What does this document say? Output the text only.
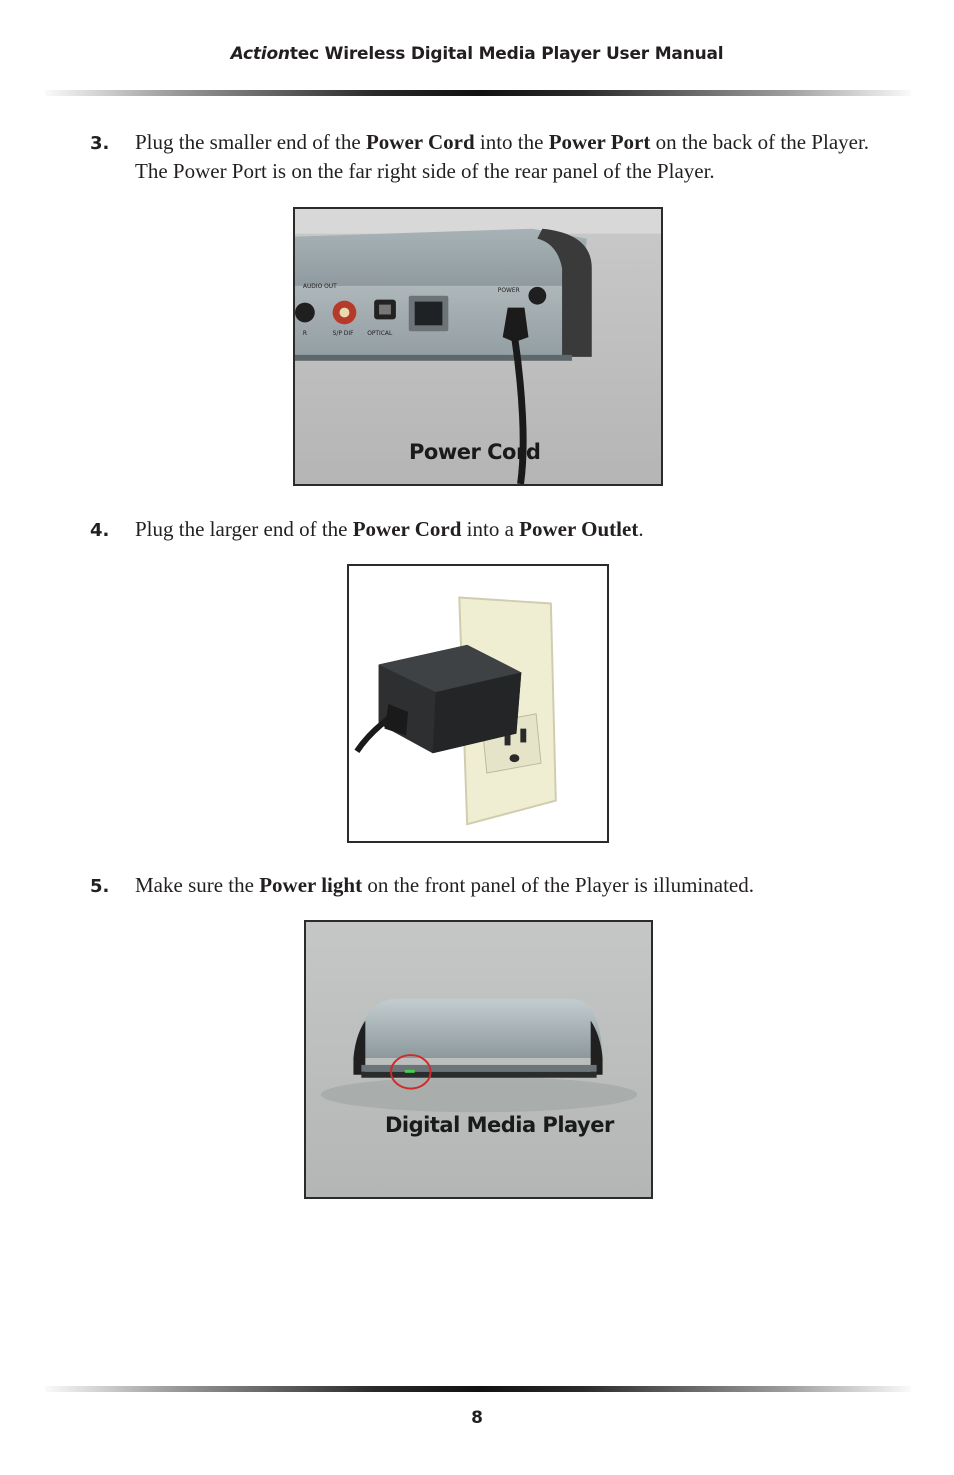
Actiontec Wireless Digital Media Player User Manual
3. Plug the smaller end of the Power Cord into the Power Port on the back of the Player. The Power Port is on the far right side of the rear panel of the Player.
AUDIO OUT
R	S/P DIF OPTICAL
POWER
Power Cord
4. Plug the larger end of the Power Cord into a Power Outlet.
5. Make sure the Power light on the front panel of the Player is illuminated.
Digital Media Player
8
